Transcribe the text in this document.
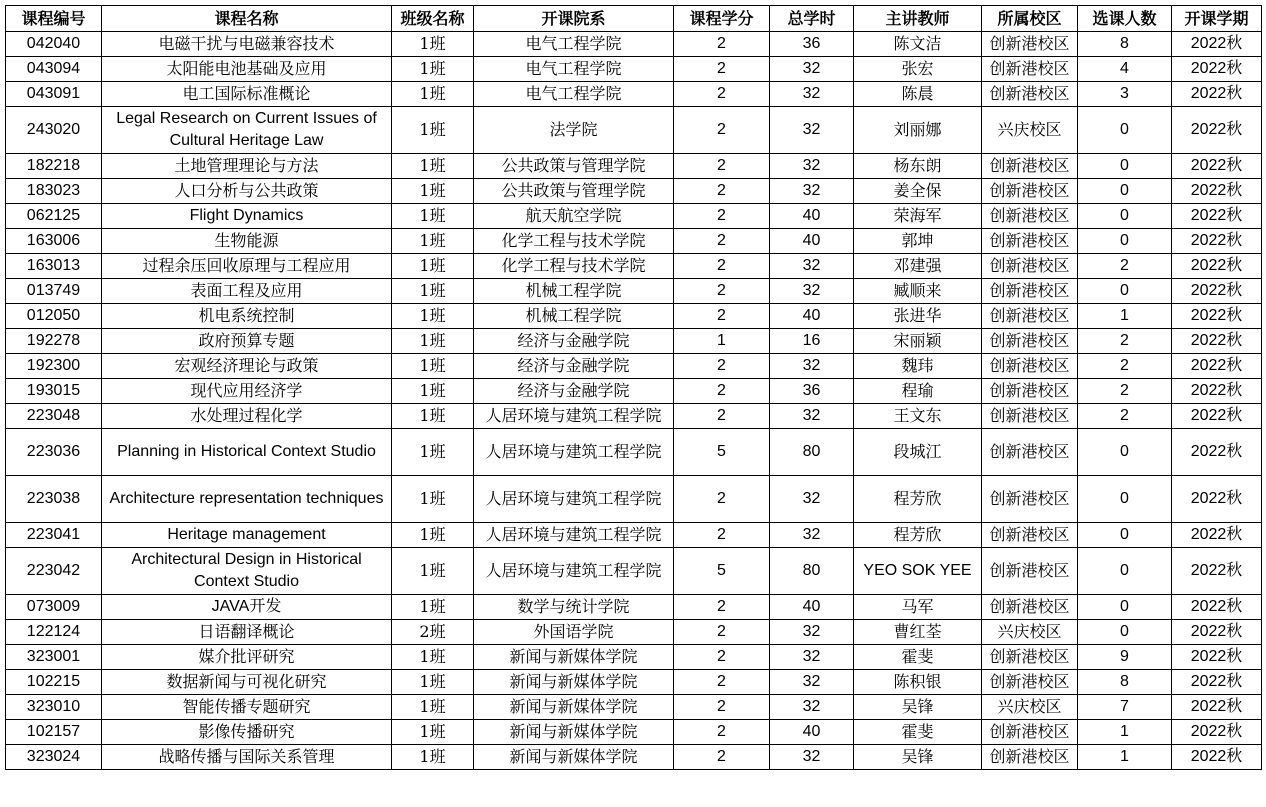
课程编号	课程名称	班级名称	开课院系	课程学分	总学时	主讲教师	所属校区	选课人数	开课学期
042040	电磁干扰与电磁兼容技术	1班	电气工程学院	2	36	陈文洁	创新港校区	8	2022秋
043094	太阳能电池基础及应用	1班	电气工程学院	2	32	张宏	创新港校区	4	2022秋
043091	电工国际标准概论	1班	电气工程学院	2	32	陈晨	创新港校区	3	2022秋
243020	Legal Research on Current Issues of Cultural Heritage Law	1班	法学院	2	32	刘丽娜	兴庆校区	0	2022秋
182218	土地管理理论与方法	1班	公共政策与管理学院	2	32	杨东朗	创新港校区	0	2022秋
183023	人口分析与公共政策	1班	公共政策与管理学院	2	32	姜全保	创新港校区	0	2022秋
062125	Flight Dynamics	1班	航天航空学院	2	40	荣海军	创新港校区	0	2022秋
163006	生物能源	1班	化学工程与技术学院	2	40	郭坤	创新港校区	0	2022秋
163013	过程余压回收原理与工程应用	1班	化学工程与技术学院	2	32	邓建强	创新港校区	2	2022秋
013749	表面工程及应用	1班	机械工程学院	2	32	臧顺来	创新港校区	0	2022秋
012050	机电系统控制	1班	机械工程学院	2	40	张进华	创新港校区	1	2022秋
192278	政府预算专题	1班	经济与金融学院	1	16	宋丽颖	创新港校区	2	2022秋
192300	宏观经济理论与政策	1班	经济与金融学院	2	32	魏玮	创新港校区	2	2022秋
193015	现代应用经济学	1班	经济与金融学院	2	36	程瑜	创新港校区	2	2022秋
223048	水处理过程化学	1班	人居环境与建筑工程学院	2	32	王文东	创新港校区	2	2022秋
223036	Planning in Historical Context Studio	1班	人居环境与建筑工程学院	5	80	段城江	创新港校区	0	2022秋
223038	Architecture representation techniques	1班	人居环境与建筑工程学院	2	32	程芳欣	创新港校区	0	2022秋
223041	Heritage management	1班	人居环境与建筑工程学院	2	32	程芳欣	创新港校区	0	2022秋
223042	Architectural Design in Historical Context Studio	1班	人居环境与建筑工程学院	5	80	YEO SOK YEE	创新港校区	0	2022秋
073009	JAVA开发	1班	数学与统计学院	2	40	马军	创新港校区	0	2022秋
122124	日语翻译概论	2班	外国语学院	2	32	曹红荃	兴庆校区	0	2022秋
323001	媒介批评研究	1班	新闻与新媒体学院	2	32	霍斐	创新港校区	9	2022秋
102215	数据新闻与可视化研究	1班	新闻与新媒体学院	2	32	陈积银	创新港校区	8	2022秋
323010	智能传播专题研究	1班	新闻与新媒体学院	2	32	吴锋	兴庆校区	7	2022秋
102157	影像传播研究	1班	新闻与新媒体学院	2	40	霍斐	创新港校区	1	2022秋
323024	战略传播与国际关系管理	1班	新闻与新媒体学院	2	32	吴锋	创新港校区	1	2022秋
